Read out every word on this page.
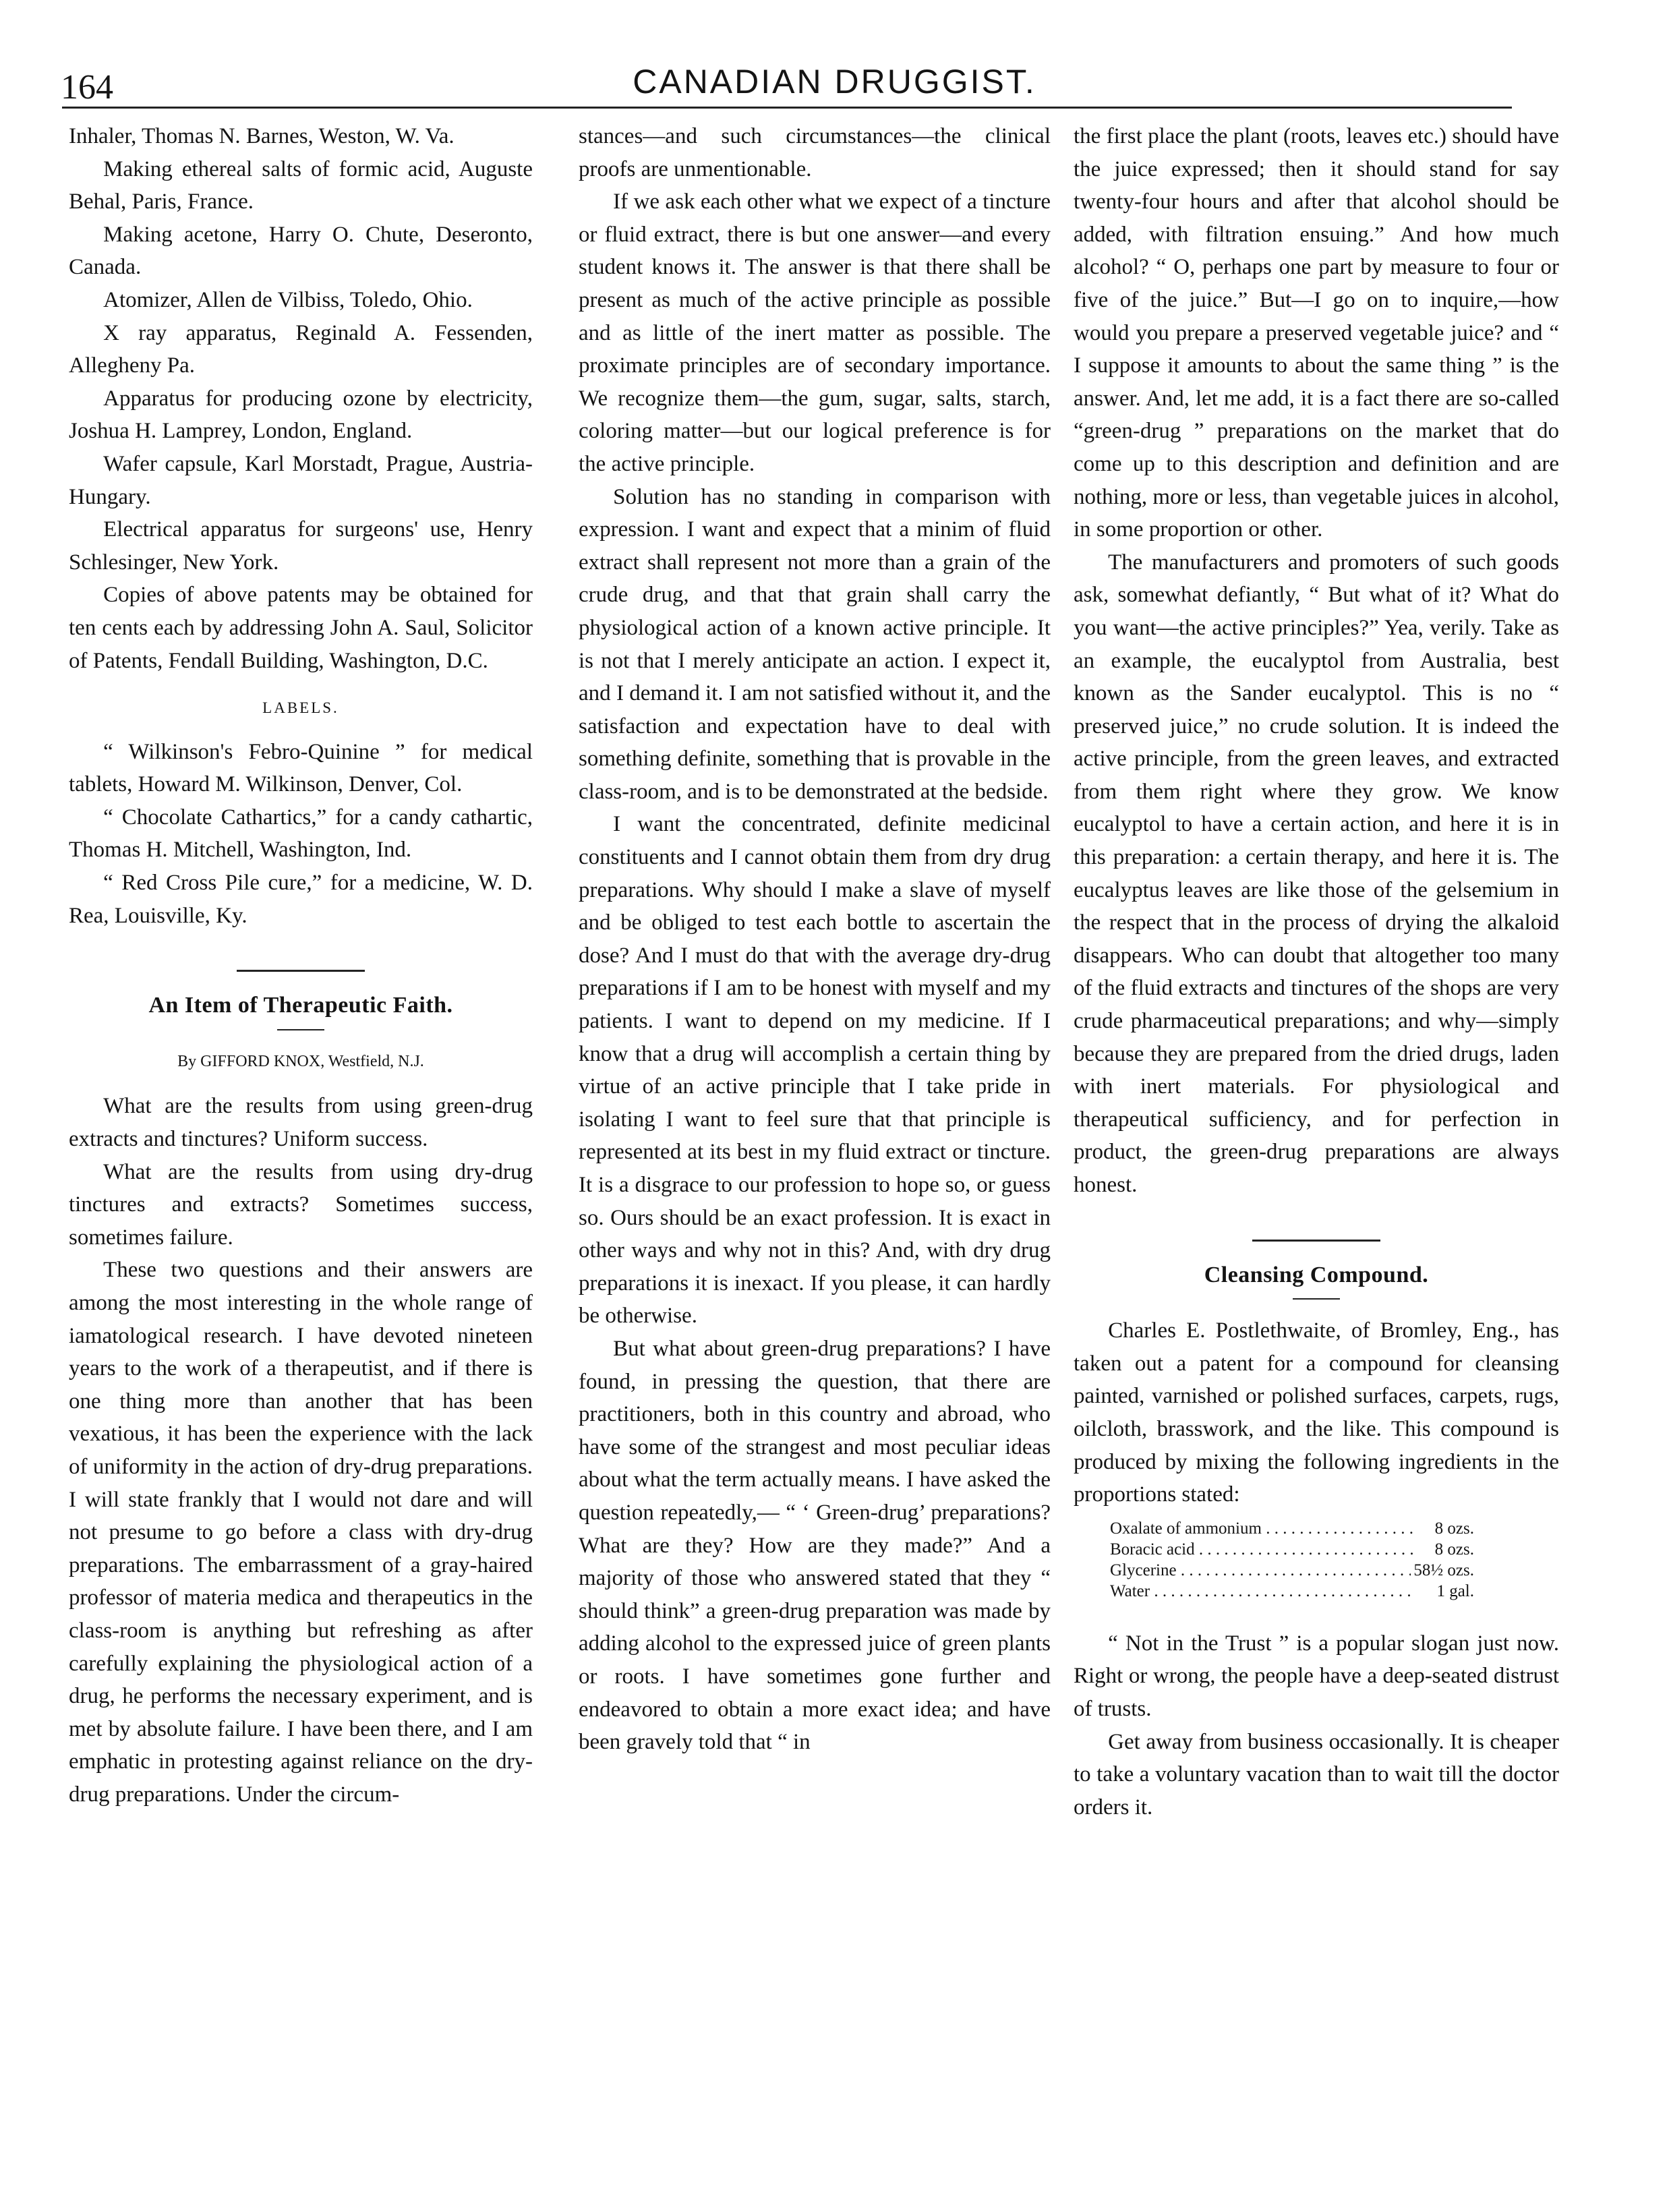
164	CANADIAN DRUGGIST.

Inhaler, Thomas N. Barnes, Weston, W. Va.

Making ethereal salts of formic acid, Auguste Behal, Paris, France.

Making acetone, Harry O. Chute, Deseronto, Canada.

Atomizer, Allen de Vilbiss, Toledo, Ohio.

X ray apparatus, Reginald A. Fessenden, Allegheny Pa.

Apparatus for producing ozone by electricity, Joshua H. Lamprey, London, England.

Wafer capsule, Karl Morstadt, Prague, Austria-Hungary.

Electrical apparatus for surgeons' use, Henry Schlesinger, New York.

Copies of above patents may be obtained for ten cents each by addressing John A. Saul, Solicitor of Patents, Fendall Building, Washington, D.C.

LABELS.

“ Wilkinson's Febro-Quinine ” for medical tablets, Howard M. Wilkinson, Denver, Col.

“ Chocolate Cathartics,” for a candy cathartic, Thomas H. Mitchell, Washington, Ind.

“ Red Cross Pile cure,” for a medicine, W. D. Rea, Louisville, Ky.

An Item of Therapeutic Faith.
By GIFFORD KNOX, Westfield, N.J.

What are the results from using green-drug extracts and tinctures? Uniform success.

What are the results from using dry-drug tinctures and extracts? Sometimes success, sometimes failure.

These two questions and their answers are among the most interesting in the whole range of iamatological research. I have devoted nineteen years to the work of a therapeutist, and if there is one thing more than another that has been vexatious, it has been the experience with the lack of uniformity in the action of dry-drug preparations. I will state frankly that I would not dare and will not presume to go before a class with dry-drug preparations. The embarrassment of a gray-haired professor of materia medica and therapeutics in the class-room is anything but refreshing as after carefully explaining the physiological action of a drug, he performs the necessary experiment, and is met by absolute failure. I have been there, and I am emphatic in protesting against reliance on the dry-drug preparations. Under the circum-

stances—and such circumstances—the clinical proofs are unmentionable.

If we ask each other what we expect of a tincture or fluid extract, there is but one answer—and every student knows it. The answer is that there shall be present as much of the active principle as possible and as little of the inert matter as possible. The proximate principles are of secondary importance. We recognize them—the gum, sugar, salts, starch, coloring matter—but our logical preference is for the active principle.

Solution has no standing in comparison with expression. I want and expect that a minim of fluid extract shall represent not more than a grain of the crude drug, and that that grain shall carry the physiological action of a known active principle. It is not that I merely anticipate an action. I expect it, and I demand it. I am not satisfied without it, and the satisfaction and expectation have to deal with something definite, something that is provable in the class-room, and is to be demonstrated at the bedside.

I want the concentrated, definite medicinal constituents and I cannot obtain them from dry drug preparations. Why should I make a slave of myself and be obliged to test each bottle to ascertain the dose? And I must do that with the average dry-drug preparations if I am to be honest with myself and my patients. I want to depend on my medicine. If I know that a drug will accomplish a certain thing by virtue of an active principle that I take pride in isolating I want to feel sure that that principle is represented at its best in my fluid extract or tincture. It is a disgrace to our profession to hope so, or guess so. Ours should be an exact profession. It is exact in other ways and why not in this? And, with dry drug preparations it is inexact. If you please, it can hardly be otherwise.

But what about green-drug preparations? I have found, in pressing the question, that there are practitioners, both in this country and abroad, who have some of the strangest and most peculiar ideas about what the term actually means. I have asked the question repeatedly,— “ ‘ Green-drug’ preparations? What are they? How are they made?” And a majority of those who answered stated that they “ should think” a green-drug preparation was made by adding alcohol to the expressed juice of green plants or roots. I have sometimes gone further and endeavored to obtain a more exact idea; and have been gravely told that “ in

the first place the plant (roots, leaves etc.) should have the juice expressed; then it should stand for say twenty-four hours and after that alcohol should be added, with filtration ensuing.” And how much alcohol? “ O, perhaps one part by measure to four or five of the juice.” But—I go on to inquire,—how would you prepare a preserved vegetable juice? and “ I suppose it amounts to about the same thing ” is the answer. And, let me add, it is a fact there are so-called “green-drug ” preparations on the market that do come up to this description and definition and are nothing, more or less, than vegetable juices in alcohol, in some proportion or other.

The manufacturers and promoters of such goods ask, somewhat defiantly, “ But what of it? What do you want—the active principles?” Yea, verily. Take as an example, the eucalyptol from Australia, best known as the Sander eucalyptol. This is no “ preserved juice,” no crude solution. It is indeed the active principle, from the green leaves, and extracted from them right where they grow. We know eucalyptol to have a certain action, and here it is in this preparation: a certain therapy, and here it is. The eucalyptus leaves are like those of the gelsemium in the respect that in the process of drying the alkaloid disappears. Who can doubt that altogether too many of the fluid extracts and tinctures of the shops are very crude pharmaceutical preparations; and why—simply because they are prepared from the dried drugs, laden with inert materials. For physiological and therapeutical sufficiency, and for perfection in product, the green-drug preparations are always honest.

Cleansing Compound.

Charles E. Postlethwaite, of Bromley, Eng., has taken out a patent for a compound for cleansing painted, varnished or polished surfaces, carpets, rugs, oilcloth, brasswork, and the like. This compound is produced by mixing the following ingredients in the proportions stated:

Oxalate of ammonium . . .	8 ozs.
Boracic acid . . .	8 ozs.
Glycerine . . .	58½ ozs.
Water . . .	1 gal.

“ Not in the Trust ” is a popular slogan just now. Right or wrong, the people have a deep-seated distrust of trusts.

Get away from business occasionally. It is cheaper to take a voluntary vacation than to wait till the doctor orders it.
